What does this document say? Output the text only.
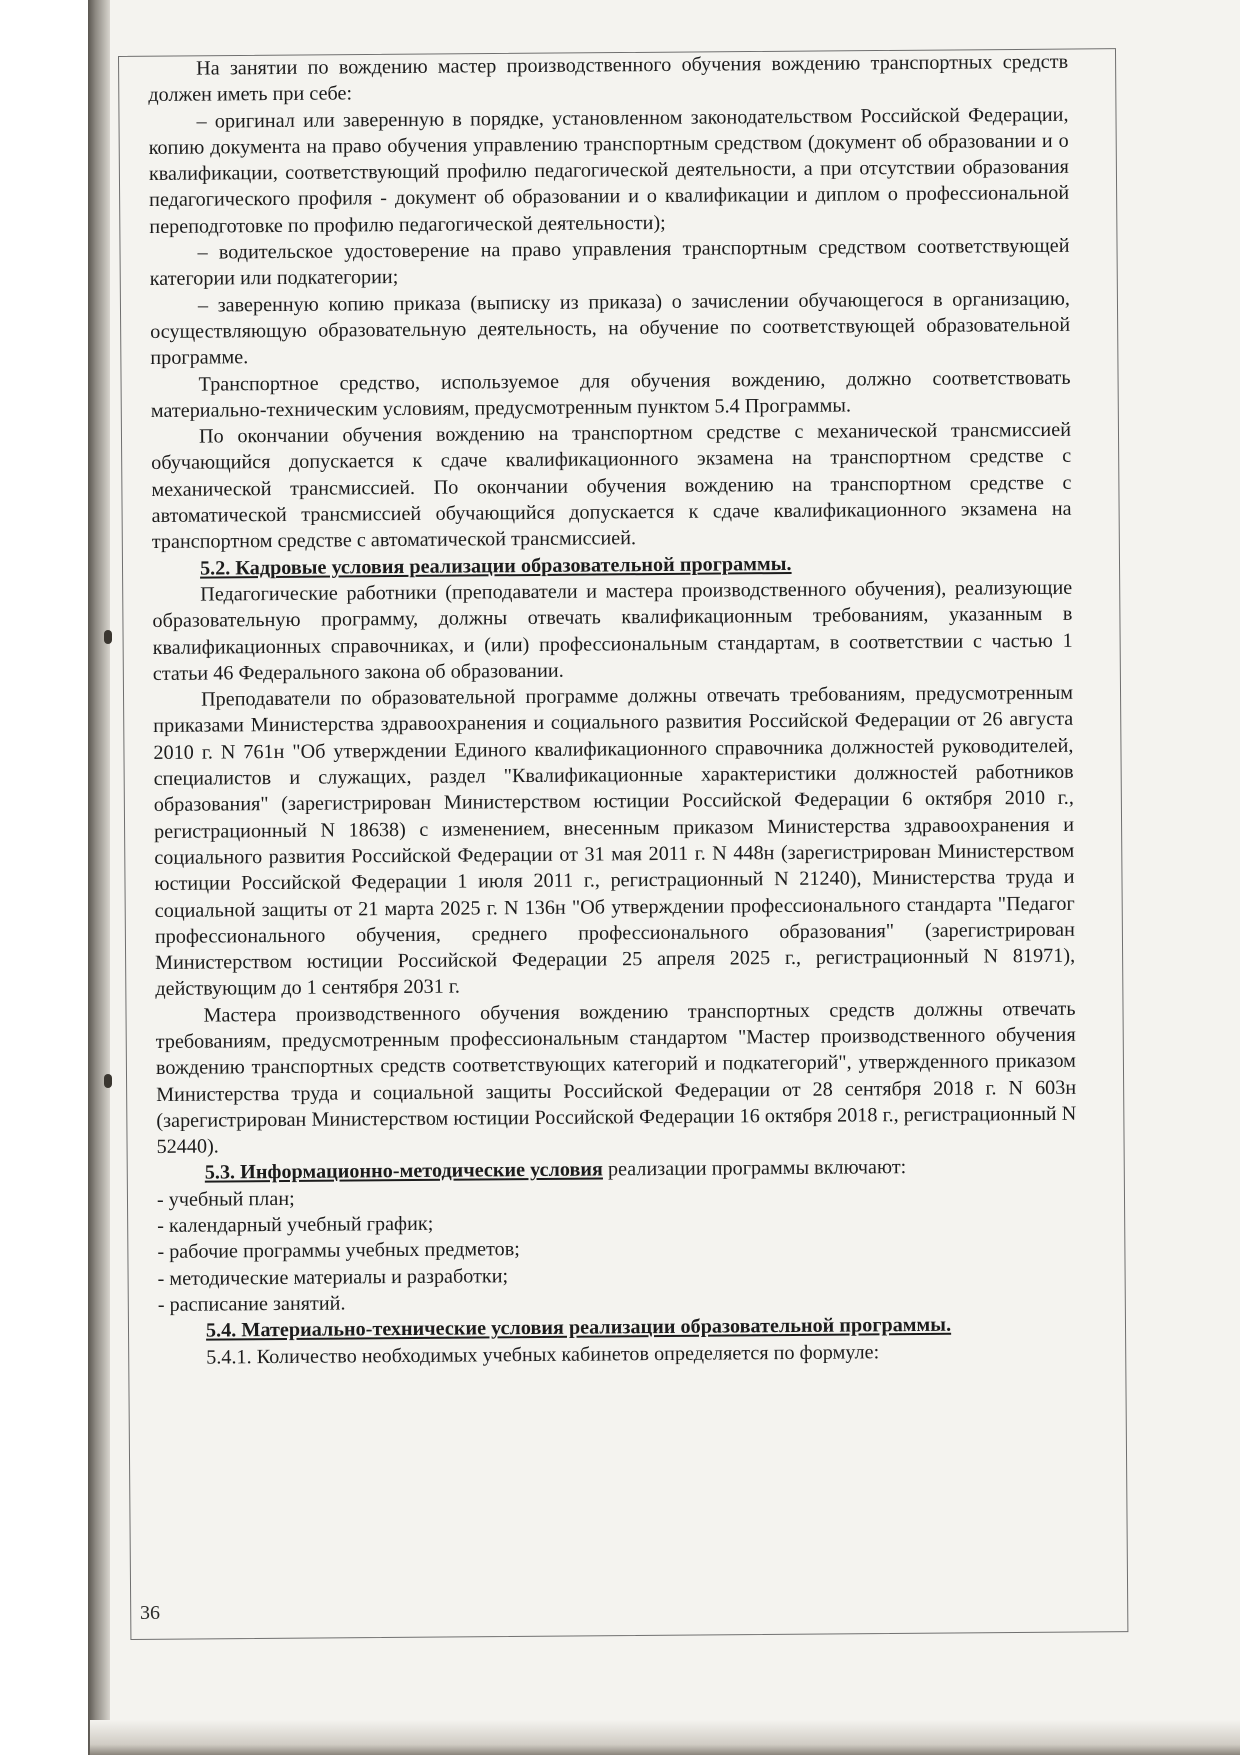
На занятии по вождению мастер производственного обучения вождению транспортных средств должен иметь при себе:

– оригинал или заверенную в порядке, установленном законодательством Российской Федерации, копию документа на право обучения управлению транспортным средством (документ об образовании и о квалификации, соответствующий профилю педагогической деятельности, а при отсутствии образования педагогического профиля - документ об образовании и о квалификации и диплом о профессиональной переподготовке по профилю педагогической деятельности);

– водительское удостоверение на право управления транспортным средством соответствующей категории или подкатегории;

– заверенную копию приказа (выписку из приказа) о зачислении обучающегося в организацию, осуществляющую образовательную деятельность, на обучение по соответствующей образовательной программе.

Транспортное средство, используемое для обучения вождению, должно соответствовать материально-техническим условиям, предусмотренным пунктом 5.4 Программы.

По окончании обучения вождению на транспортном средстве с механической трансмиссией обучающийся допускается к сдаче квалификационного экзамена на транспортном средстве с механической трансмиссией. По окончании обучения вождению на транспортном средстве с автоматической трансмиссией обучающийся допускается к сдаче квалификационного экзамена на транспортном средстве с автоматической трансмиссией.

5.2. Кадровые условия реализации образовательной программы.

Педагогические работники (преподаватели и мастера производственного обучения), реализующие образовательную программу, должны отвечать квалификационным требованиям, указанным в квалификационных справочниках, и (или) профессиональным стандартам, в соответствии с частью 1 статьи 46 Федерального закона об образовании.

Преподаватели по образовательной программе должны отвечать требованиям, предусмотренным приказами Министерства здравоохранения и социального развития Российской Федерации от 26 августа 2010 г. N 761н "Об утверждении Единого квалификационного справочника должностей руководителей, специалистов и служащих, раздел "Квалификационные характеристики должностей работников образования" (зарегистрирован Министерством юстиции Российской Федерации 6 октября 2010 г., регистрационный N 18638) с изменением, внесенным приказом Министерства здравоохранения и социального развития Российской Федерации от 31 мая 2011 г. N 448н (зарегистрирован Министерством юстиции Российской Федерации 1 июля 2011 г., регистрационный N 21240), Министерства труда и социальной защиты от 21 марта 2025 г. N 136н "Об утверждении профессионального стандарта "Педагог профессионального обучения, среднего профессионального образования" (зарегистрирован Министерством юстиции Российской Федерации 25 апреля 2025 г., регистрационный N 81971), действующим до 1 сентября 2031 г.

Мастера производственного обучения вождению транспортных средств должны отвечать требованиям, предусмотренным профессиональным стандартом "Мастер производственного обучения вождению транспортных средств соответствующих категорий и подкатегорий", утвержденного приказом Министерства труда и социальной защиты Российской Федерации от 28 сентября 2018 г. N 603н (зарегистрирован Министерством юстиции Российской Федерации 16 октября 2018 г., регистрационный N 52440).

5.3. Информационно-методические условия реализации программы включают:

- учебный план;

- календарный учебный график;

- рабочие программы учебных предметов;

- методические материалы и разработки;

- расписание занятий.

5.4. Материально-технические условия реализации образовательной программы.

5.4.1. Количество необходимых учебных кабинетов определяется по формуле:

36
